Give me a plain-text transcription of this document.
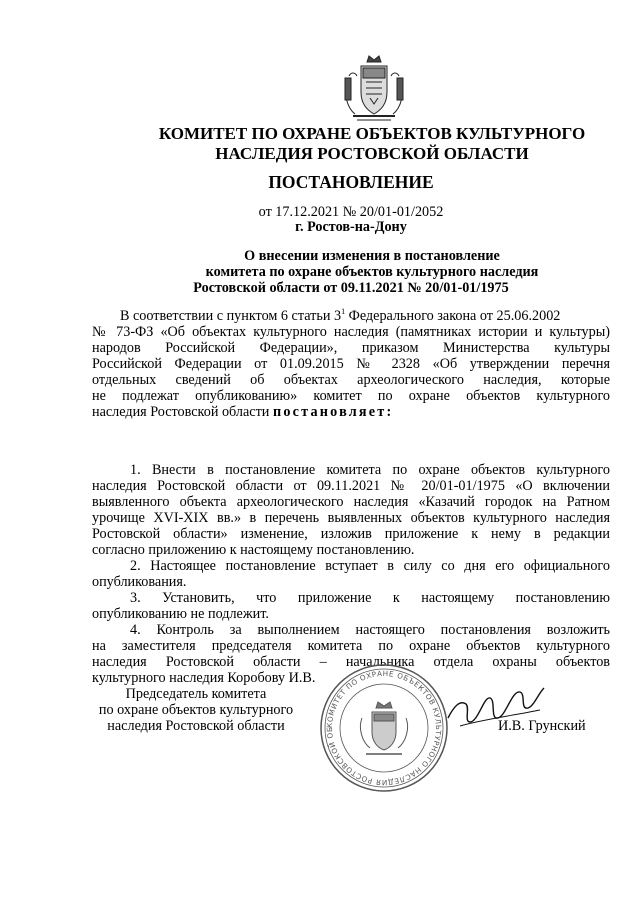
КОМИТЕТ ПО ОХРАНЕ ОБЪЕКТОВ КУЛЬТУРНОГО
НАСЛЕДИЯ РОСТОВСКОЙ ОБЛАСТИ
ПОСТАНОВЛЕНИЕ
от 17.12.2021 № 20/01-01/2052
г. Ростов-на-Дону
О внесении изменения в постановление
комитета по охране объектов культурного наследия
Ростовской области от 09.11.2021 № 20/01-01/1975
В соответствии с пунктом 6 статьи $3^1$ Федерального закона от 25.06.2002
№ 73-ФЗ «Об объектах культурного наследия (памятниках истории и культуры)
народов Российской Федерации», приказом Министерства культуры
Российской Федерации от 01.09.2015 № 2328 «Об утверждении перечня
отдельных сведений об объектах археологического наследия, которые
не подлежат опубликованию» комитет по охране объектов культурного
наследия Ростовской области постановляет:
1. Внести в постановление комитета по охране объектов культурного
наследия Ростовской области от 09.11.2021 № 20/01-01/1975 «О включении
выявленного объекта археологического наследия «Казачий городок на Ратном
урочище XVI-XIX вв.» в перечень выявленных объектов культурного наследия
Ростовской области» изменение, изложив приложение к нему в редакции
согласно приложению к настоящему постановлению.
2. Настоящее постановление вступает в силу со дня его официального
опубликования.
3. Установить, что приложение к настоящему постановлению
опубликованию не подлежит.
4. Контроль за выполнением настоящего постановления возложить
на заместителя председателя комитета по охране объектов культурного
наследия Ростовской области – начальника отдела охраны объектов
культурного наследия Коробову И.В.
Председатель комитета
по охране объектов культурного
наследия Ростовской области	КОМИТЕТ ПО ОХРАНЕ ОБЪЕКТОВ КУЛЬТУРНОГО НАСЛЕДИЯ РОСТОВСКОЙ ОБ	И.В. Грунский
